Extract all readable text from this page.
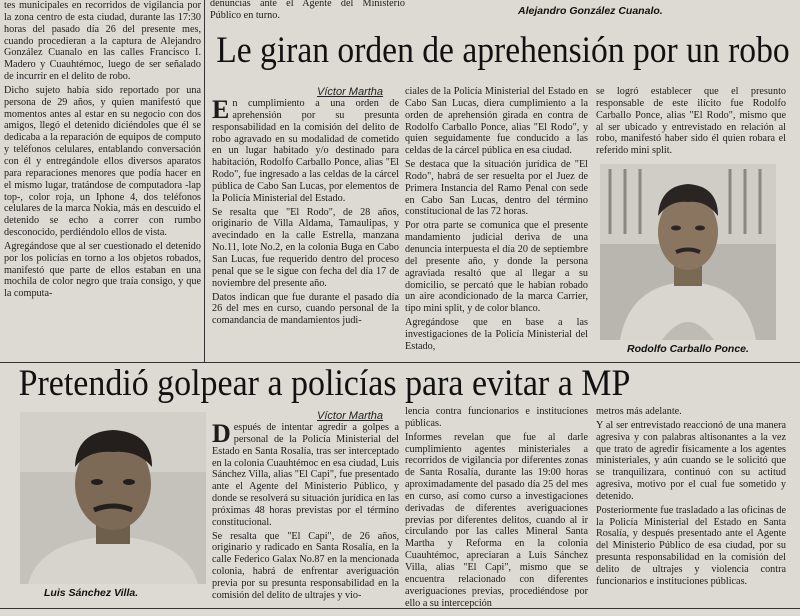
tes municipales en recorridos de vigilancia por la zona centro de esta ciudad, durante las 17:30 horas del pasado día 26 del presente mes, cuando procedieran a la captura de Alejandro González Cuanalo en las calles Francisco I. Madero y Cuauhtémoc, luego de ser señalado de incurrir en el delito de robo.

Dicho sujeto había sido reportado por una persona de 29 años, y quien manifestó que momentos antes al estar en su negocio con dos amigos, llegó el detenido diciéndoles que él se dedicaba a la reparación de equipos de computo y teléfonos celulares, entablando conversación con él y entregándole ellos diversos aparatos para reparaciones menores que podía hacer en el mismo lugar, tratándose de computadora -lap top-, color roja, un Iphone 4, dos teléfonos celulares de la marca Nokia, más en descuido el detenido se echo a correr con rumbo desconocido, perdiéndolo ellos de vista.

Agregándose que al ser cuestionado el detenido por los policías en torno a los objetos robados, manifestó que parte de ellos estaban en una mochila de color negro que traía consigo, y que la computa-

denuncias ante el Agente del Ministerio Público en turno.	Alejandro González Cuanalo.
Le giran orden de aprehensión por un robo
Víctor Martha

En cumplimiento a una orden de aprehensión por su presunta responsabilidad en la comisión del delito de robo agravado en su modalidad de cometido en un lugar habitado y/o destinado para habitación, Rodolfo Carballo Ponce, alias "El Rodo", fue ingresado a las celdas de la cárcel pública de Cabo San Lucas, por elementos de la Policía Ministerial del Estado.

Se resalta que "El Rodo", de 28 años, originario de Villa Aldama, Tamaulipas, y avecindado en la calle Estrella, manzana No.11, lote No.2, en la colonia Buga en Cabo San Lucas, fue requerido dentro del proceso penal que se le sigue con fecha del día 17 de noviembre del presente año.

Datos indican que fue durante el pasado día 26 del mes en curso, cuando personal de la comandancia de mandamientos judi-

ciales de la Policía Ministerial del Estado en Cabo San Lucas, diera cumplimiento a la orden de aprehensión girada en contra de Rodolfo Carballo Ponce, alias "El Rodo", y quien seguidamente fue conducido a las celdas de la cárcel pública en esa ciudad.

Se destaca que la situación jurídica de "El Rodo", habrá de ser resuelta por el Juez de Primera Instancia del Ramo Penal con sede en Cabo San Lucas, dentro del término constitucional de las 72 horas.

Por otra parte se comunica que el presente mandamiento judicial deriva de una denuncia interpuesta el día 20 de septiembre del presente año, y donde la persona agraviada resaltó que al llegar a su domicilio, se percató que le habían robado un aire acondicionado de la marca Carrier, tipo mini split, y de color blanco.

Agregándose que en base a las investigaciones de la Policía Ministerial del Estado,

se logró establecer que el presunto responsable de este ilícito fue Rodolfo Carballo Ponce, alias "El Rodo", mismo que al ser ubicado y entrevistado en relación al robo, manifestó haber sido él quien robara el referido mini split.

Rodolfo Carballo Ponce.
Pretendió golpear a policías para evitar a MP
Luis Sánchez Villa.
Víctor Martha

Después de intentar agredir a golpes a personal de la Policía Ministerial del Estado en Santa Rosalía, tras ser interceptado en la colonia Cuauhtémoc en esa ciudad, Luis Sánchez Villa, alias "El Capi", fue presentado ante el Agente del Ministerio Público, y donde se resolverá su situación jurídica en las próximas 48 horas previstas por el término constitucional.

Se resalta que "El Capi", de 26 años, originario y radicado en Santa Rosalía, en la calle Federico Galax No.87 en la mencionada colonia, habrá de enfrentar averiguación previa por su presunta responsabilidad en la comisión del delito de ultrajes y vio-

lencia contra funcionarios e instituciones públicas.

Informes revelan que fue al darle cumplimiento agentes ministeriales a recorridos de vigilancia por diferentes zonas de Santa Rosalía, durante las 19:00 horas aproximadamente del pasado día 25 del mes en curso, así como curso a investigaciones derivadas de diferentes averiguaciones previas por diferentes delitos, cuando al ir circulando por las calles Mineral Santa Martha y Reforma en la colonia Cuauhtémoc, apreciaran a Luis Sánchez Villa, alias "El Capi", mismo que se encuentra relacionado con diferentes averiguaciones previas, procediéndose por ello a su intercepción

metros más adelante.

Y al ser entrevistado reaccionó de una manera agresiva y con palabras altisonantes a la vez que trato de agredir físicamente a los agentes ministeriales, y aún cuando se le solicitó que se tranquilizara, continuó con su actitud agresiva, motivo por el cual fue sometido y detenido.

Posteriormente fue trasladado a las oficinas de la Policía Ministerial del Estado en Santa Rosalía, y después presentado ante el Agente del Ministerio Público de esa ciudad, por su presunta responsabilidad en la comisión del delito de ultrajes y violencia contra funcionarios e instituciones públicas.
